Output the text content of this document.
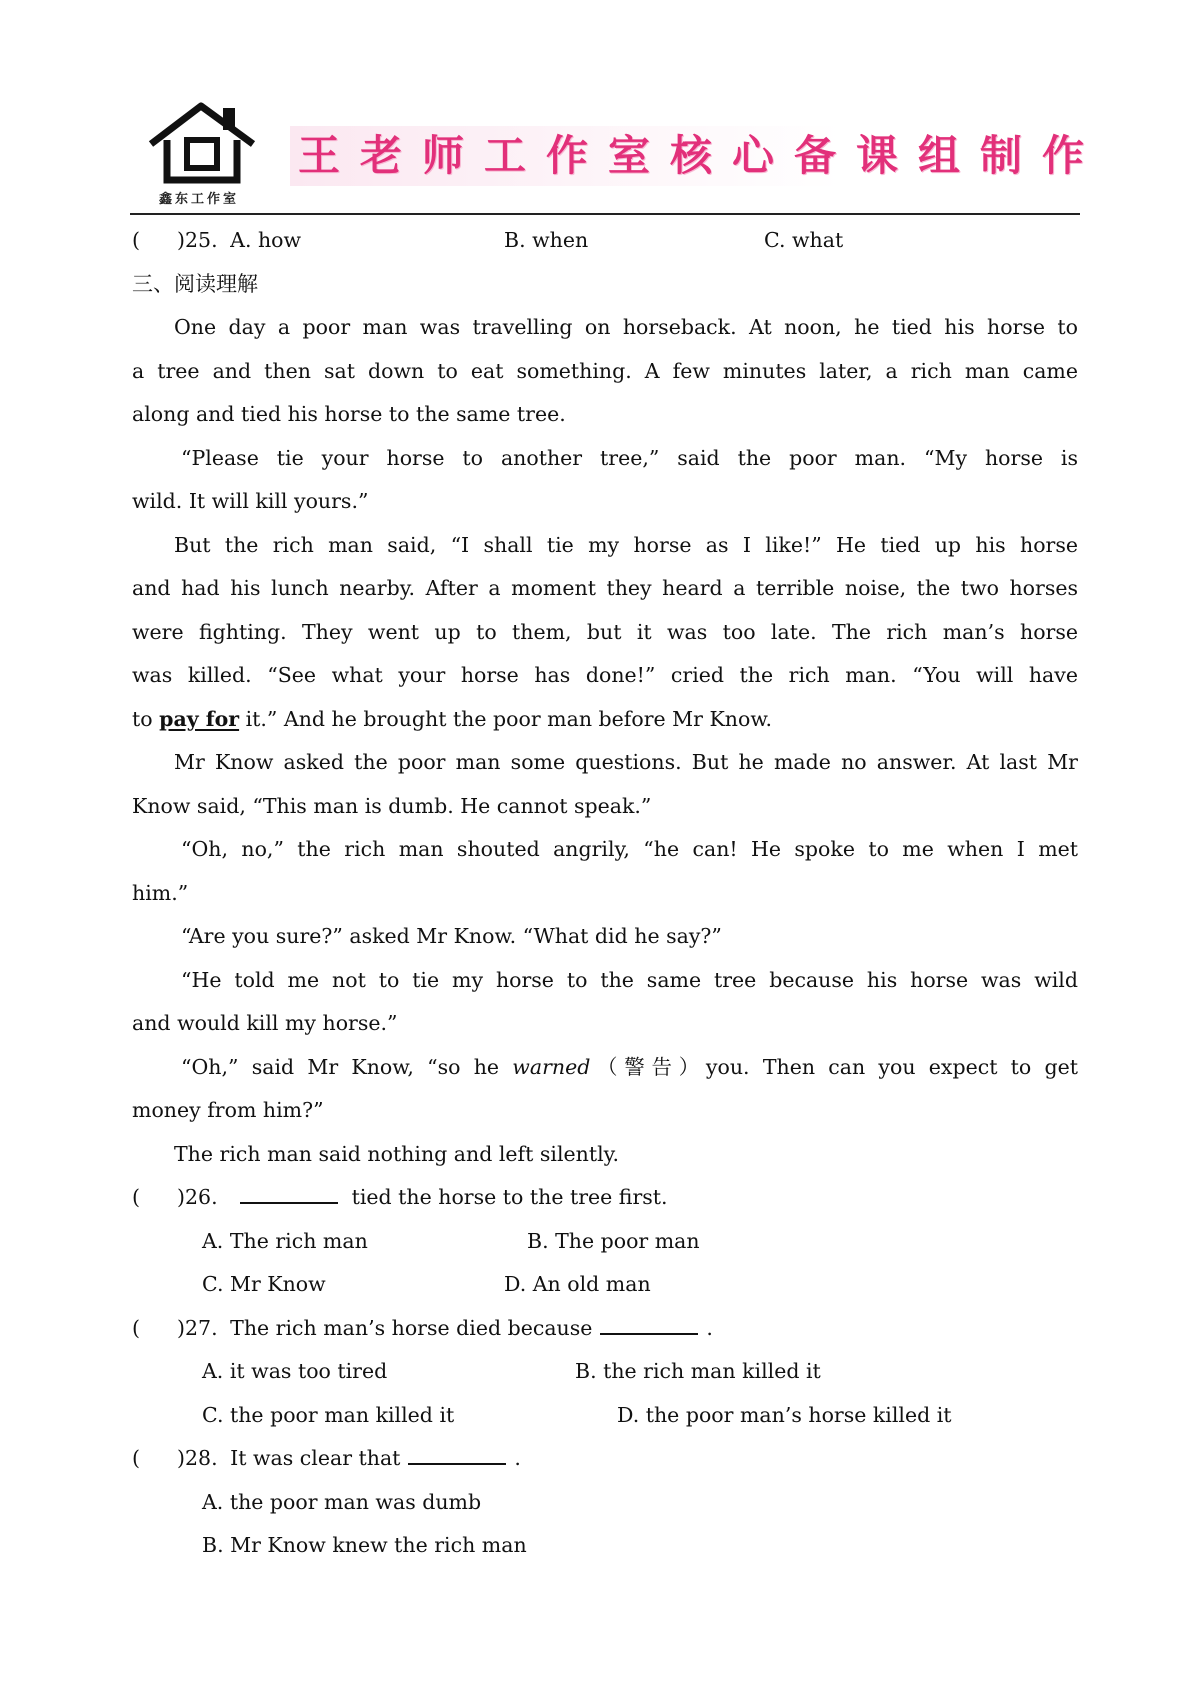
鑫东工作室
王老师工作室核心备课组制作
( )25. A. how	B. when	C. what
三、阅读理解
One day a poor man was travelling on horseback. At noon, he tied his horse to
a tree and then sat down to eat something. A few minutes later, a rich man came
along and tied his horse to the same tree.
“Please tie your horse to another tree,” said the poor man. “My horse is
wild. It will kill yours.”
But the rich man said, “I shall tie my horse as I like!” He tied up his horse
and had his lunch nearby. After a moment they heard a terrible noise, the two horses
were fighting. They went up to them, but it was too late. The rich man’s horse
was killed. “See what your horse has done!” cried the rich man. “You will have
to pay for it.” And he brought the poor man before Mr Know.
Mr Know asked the poor man some questions. But he made no answer. At last Mr
Know said, “This man is dumb. He cannot speak.”
“Oh, no,” the rich man shouted angrily, “he can! He spoke to me when I met
him.”
“Are you sure?” asked Mr Know. “What did he say?”
“He told me not to tie my horse to the same tree because his horse was wild
and would kill my horse.”
“Oh,” said Mr Know, “so he warned（警告）you. Then can you expect to get
money from him?”
The rich man said nothing and left silently.
( )26.	tied the horse to the tree first.
A. The rich man	B. The poor man
C. Mr Know	D. An old man
( )27. The rich man’s horse died because	.
A. it was too tired	B. the rich man killed it
C. the poor man killed it	D. the poor man’s horse killed it
( )28. It was clear that	.
A. the poor man was dumb
B. Mr Know knew the rich man
